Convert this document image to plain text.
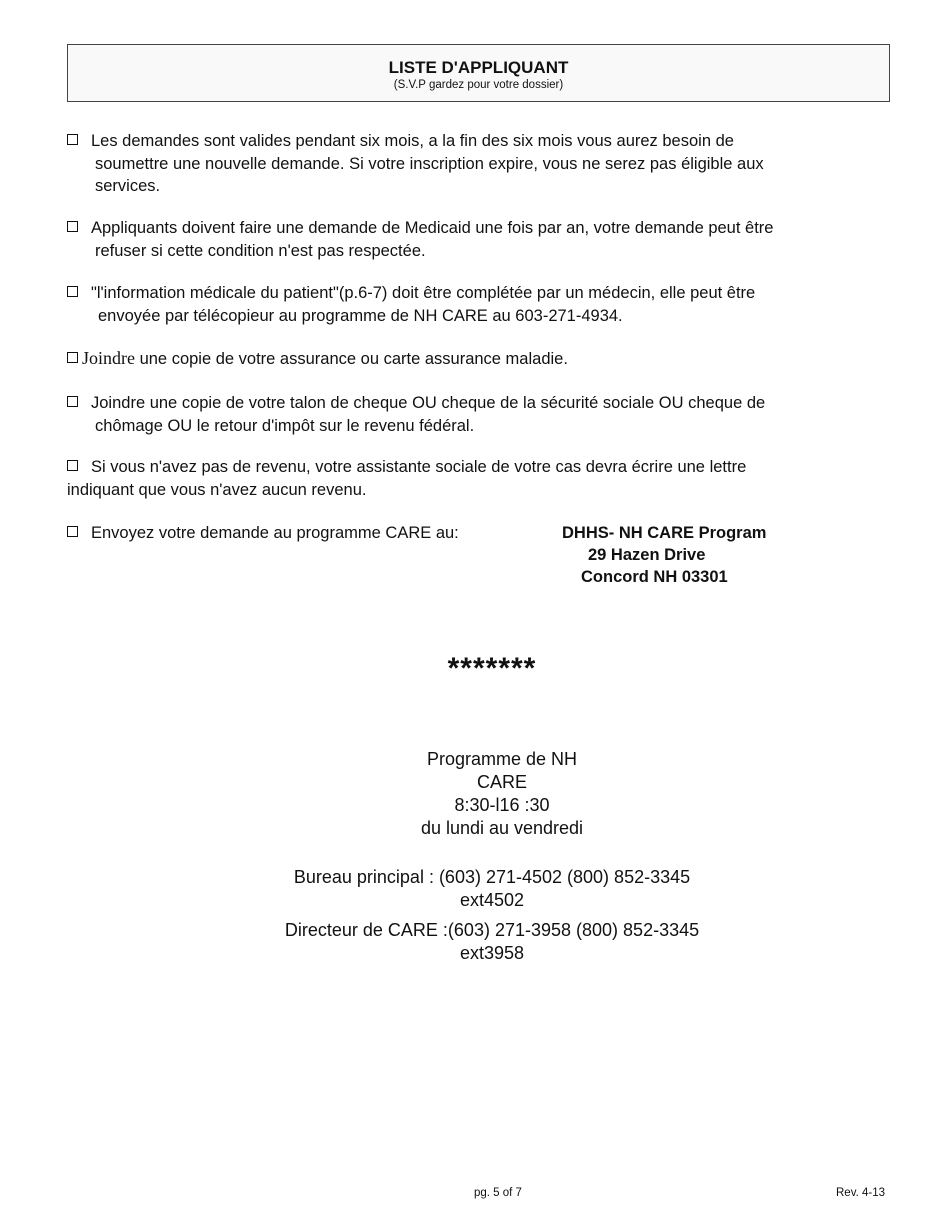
LISTE D'APPLIQUANT
(S.V.P gardez pour votre dossier)
Les demandes sont valides pendant six mois, a la fin des six mois vous aurez besoin de
soumettre une nouvelle demande. Si votre inscription expire, vous ne serez pas éligible aux
services.
Appliquants doivent faire une demande de Medicaid une fois par an, votre demande peut être
refuser si cette condition n'est pas respectée.
"l'information médicale du patient"(p.6-7) doit être complétée par un médecin, elle peut être
envoyée par télécopieur au programme de NH CARE au 603-271-4934.
Joindre une copie de votre assurance ou carte assurance maladie.
Joindre une copie de votre talon de cheque OU cheque de la sécurité sociale OU cheque de
chômage OU le retour d'impôt sur le revenu fédéral.
Si vous n'avez pas de revenu, votre assistante sociale de votre cas devra écrire une lettre
indiquant que vous n'avez aucun revenu.
Envoyez votre demande au programme CARE au:	DHHS- NH CARE Program
29 Hazen Drive
Concord NH 03301
*******
Programme de NH
CARE
8:30-l16 :30
du lundi au vendredi
Bureau principal : (603) 271-4502 (800) 852-3345
ext4502
Directeur de CARE :(603) 271-3958 (800) 852-3345
ext3958
pg. 5 of 7	Rev. 4-13
